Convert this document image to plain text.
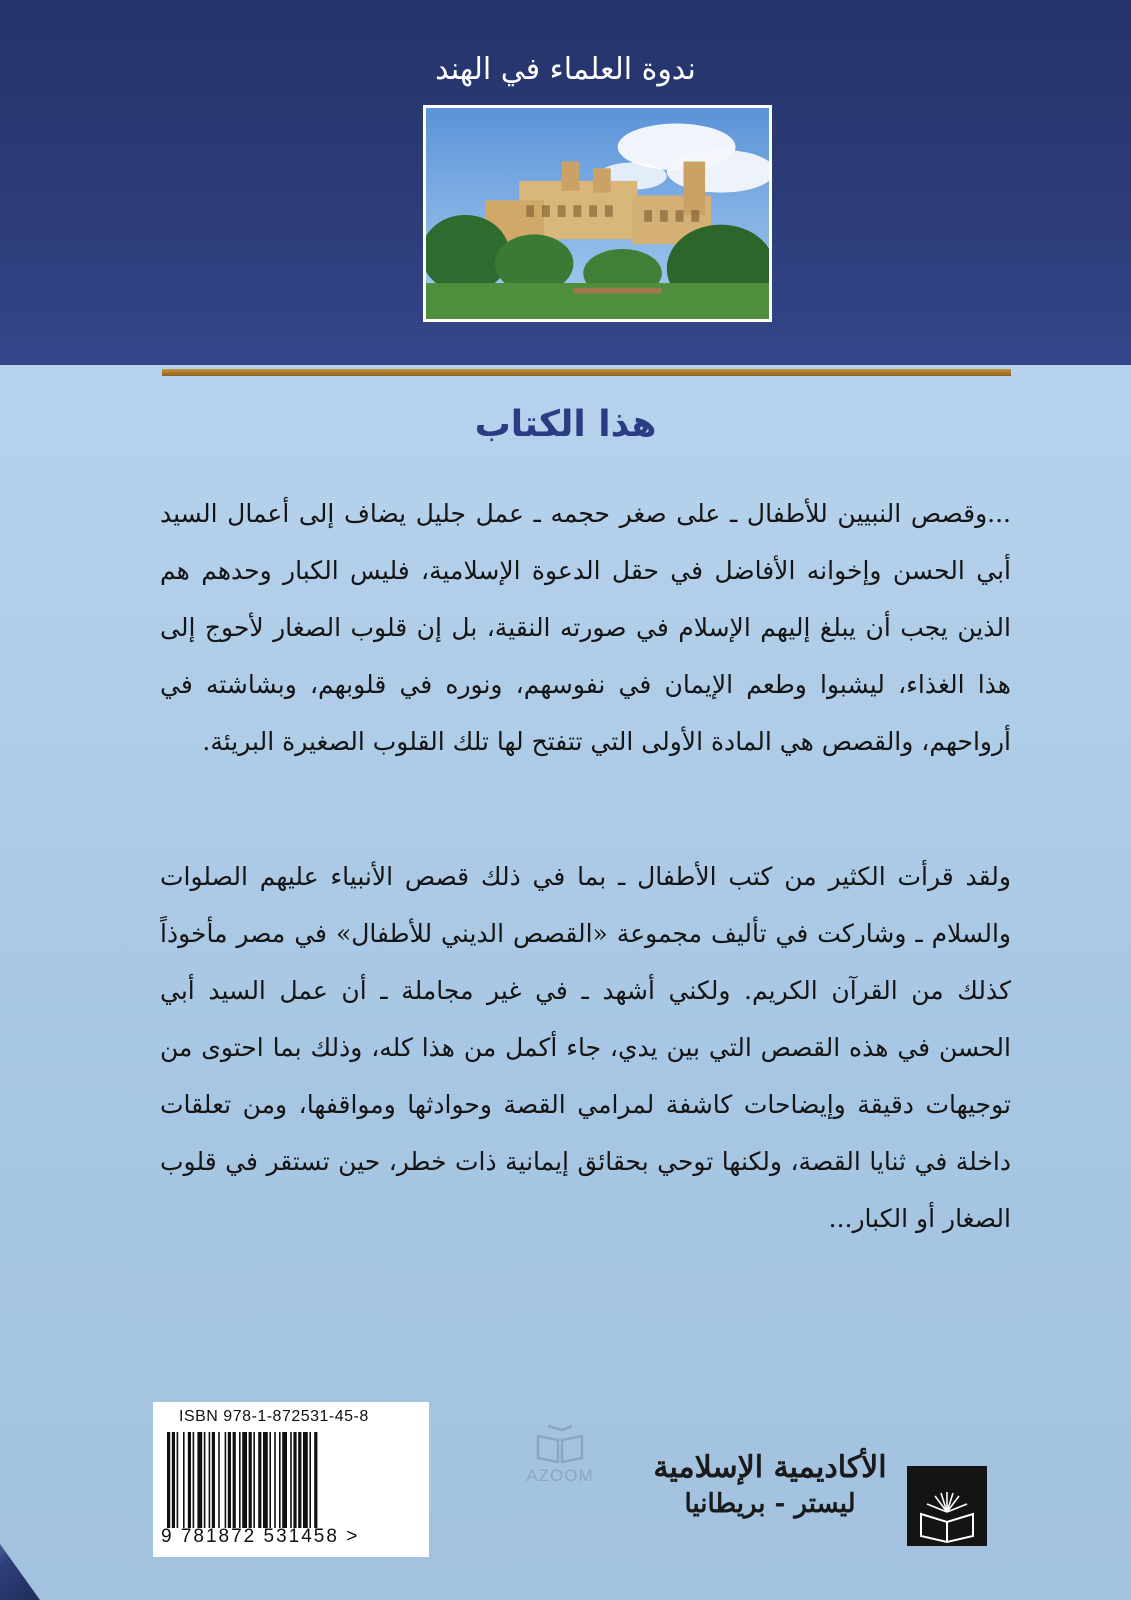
ندوة العلماء في الهند
هذا الكتاب
...وقصص النبيين للأطفال ـ على صغر حجمه ـ عمل جليل يضاف إلى أعمال السيد أبي الحسن وإخوانه الأفاضل في حقل الدعوة الإسلامية، فليس الكبار وحدهم هم الذين يجب أن يبلغ إليهم الإسلام في صورته النقية، بل إن قلوب الصغار لأحوج إلى هذا الغذاء، ليشبوا وطعم الإيمان في نفوسهم، ونوره في قلوبهم، وبشاشته في أرواحهم، والقصص هي المادة الأولى التي تتفتح لها تلك القلوب الصغيرة البريئة.
ولقد قرأت الكثير من كتب الأطفال ـ بما في ذلك قصص الأنبياء عليهم الصلوات والسلام ـ وشاركت في تأليف مجموعة «القصص الديني للأطفال» في مصر مأخوذاً كذلك من القرآن الكريم. ولكني أشهد ـ في غير مجاملة ـ أن عمل السيد أبي الحسن في هذه القصص التي بين يدي، جاء أكمل من هذا كله، وذلك بما احتوى من توجيهات دقيقة وإيضاحات كاشفة لمرامي القصة وحوادثها ومواقفها، ومن تعلقات داخلة في ثنايا القصة، ولكنها توحي بحقائق إيمانية ذات خطر، حين تستقر في قلوب الصغار أو الكبار...
ISBN 978-1-872531-45-8
9 781872 531458 >
AZOOM	الأكاديمية الإسلامية
ليستر - بريطانيا
